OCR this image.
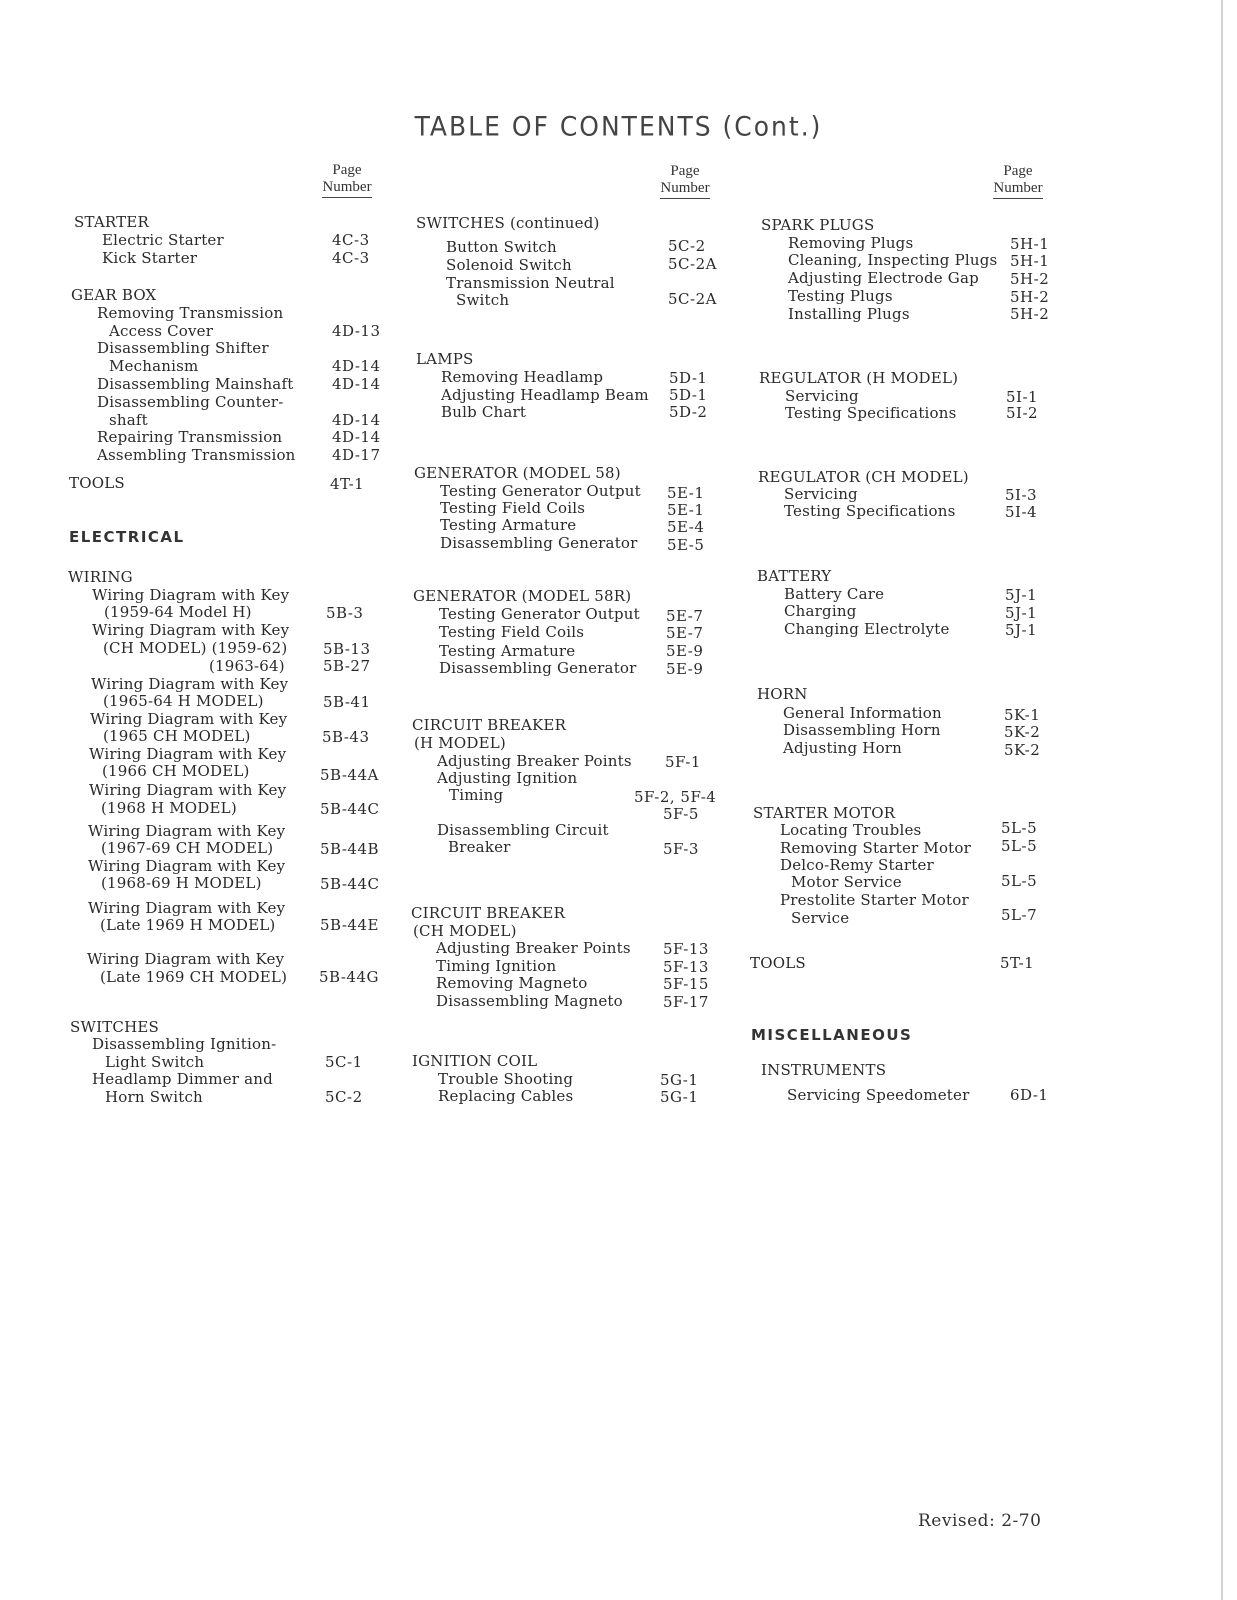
TABLE OF CONTENTS (Cont.)
Page
Number
Page
Number
Page
Number
STARTER
Electric Starter	4C-3
Kick Starter	4C-3
GEAR BOX
Removing Transmission
Access Cover	4D-13
Disassembling Shifter
Mechanism	4D-14
Disassembling Mainshaft	4D-14
Disassembling Counter-
shaft	4D-14
Repairing Transmission	4D-14
Assembling Transmission 4D-17
TOOLS	4T-1
ELECTRICAL
WIRING
Wiring Diagram with Key
(1959-64 Model H)	5B-3
Wiring Diagram with Key
(CH MODEL) (1959-62) 5B-13
(1963-64)	5B-27
Wiring Diagram with Key
(1965-64 H MODEL)	5B-41
Wiring Diagram with Key
(1965 CH MODEL)	5B-43
Wiring Diagram with Key
(1966 CH MODEL)	5B-44A
Wiring Diagram with Key
(1968 H MODEL)	5B-44C
Wiring Diagram with Key
(1967-69 CH MODEL)	5B-44B
Wiring Diagram with Key
(1968-69 H MODEL)	5B-44C
Wiring Diagram with Key
(Late 1969 H MODEL)	5B-44E
Wiring Diagram with Key
(Late 1969 CH MODEL) 5B-44G
SWITCHES
Disassembling Ignition-
Light Switch	5C-1
Headlamp Dimmer and
Horn Switch	5C-2
SWITCHES (continued)
Button Switch	5C-2
Solenoid Switch	5C-2A
Transmission Neutral
Switch	5C-2A
LAMPS
Removing Headlamp	5D-1
Adjusting Headlamp Beam 5D-1
Bulb Chart	5D-2
GENERATOR (MODEL 58)
Testing Generator Output 5E-1
Testing Field Coils	5E-1
Testing Armature	5E-4
Disassembling Generator 5E-5
GENERATOR (MODEL 58R)
Testing Generator Output 5E-7
Testing Field Coils	5E-7
Testing Armature	5E-9
Disassembling Generator 5E-9
CIRCUIT BREAKER
(H MODEL)
Adjusting Breaker Points 5F-1
Adjusting Ignition
Timing	5F-2, 5F-4
5F-5
Disassembling Circuit
Breaker	5F-3
CIRCUIT BREAKER
(CH MODEL)
Adjusting Breaker Points 5F-13
Timing Ignition	5F-13
Removing Magneto	5F-15
Disassembling Magneto	5F-17
IGNITION COIL
Trouble Shooting	5G-1
Replacing Cables	5G-1
SPARK PLUGS
Removing Plugs	5H-1
Cleaning, Inspecting Plugs 5H-1
Adjusting Electrode Gap 5H-2
Testing Plugs	5H-2
Installing Plugs	5H-2
REGULATOR (H MODEL)
Servicing	5I-1
Testing Specifications	5I-2
REGULATOR (CH MODEL)
Servicing	5I-3
Testing Specifications	5I-4
BATTERY
Battery Care	5J-1
Charging	5J-1
Changing Electrolyte	5J-1
HORN
General Information	5K-1
Disassembling Horn	5K-2
Adjusting Horn	5K-2
STARTER MOTOR
Locating Troubles	5L-5
Removing Starter Motor 5L-5
Delco-Remy Starter
Motor Service	5L-5
Prestolite Starter Motor
Service	5L-7
TOOLS	5T-1
MISCELLANEOUS
INSTRUMENTS
Servicing Speedometer	6D-1
Revised: 2-70
